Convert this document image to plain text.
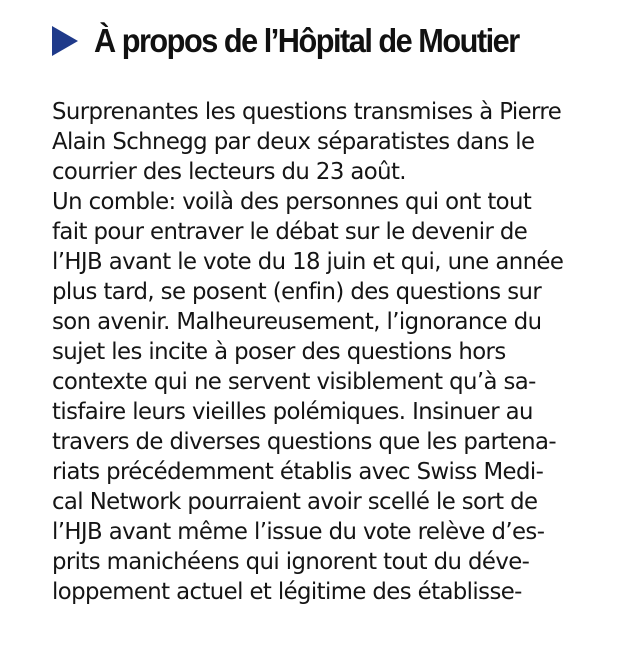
À propos de l’Hôpital de Moutier
Surprenantes les questions transmises à Pierre
Alain Schnegg par deux séparatistes dans le
courrier des lecteurs du 23 août.
Un comble: voilà des personnes qui ont tout
fait pour entraver le débat sur le devenir de
l’HJB avant le vote du 18 juin et qui, une année
plus tard, se posent (enfin) des questions sur
son avenir. Malheureusement, l’ignorance du
sujet les incite à poser des questions hors
contexte qui ne servent visiblement qu’à sa-
tisfaire leurs vieilles polémiques. Insinuer au
travers de diverses questions que les partena-
riats précédemment établis avec Swiss Medi-
cal Network pourraient avoir scellé le sort de
l’HJB avant même l’issue du vote relève d’es-
prits manichéens qui ignorent tout du déve-
loppement actuel et légitime des établisse-
